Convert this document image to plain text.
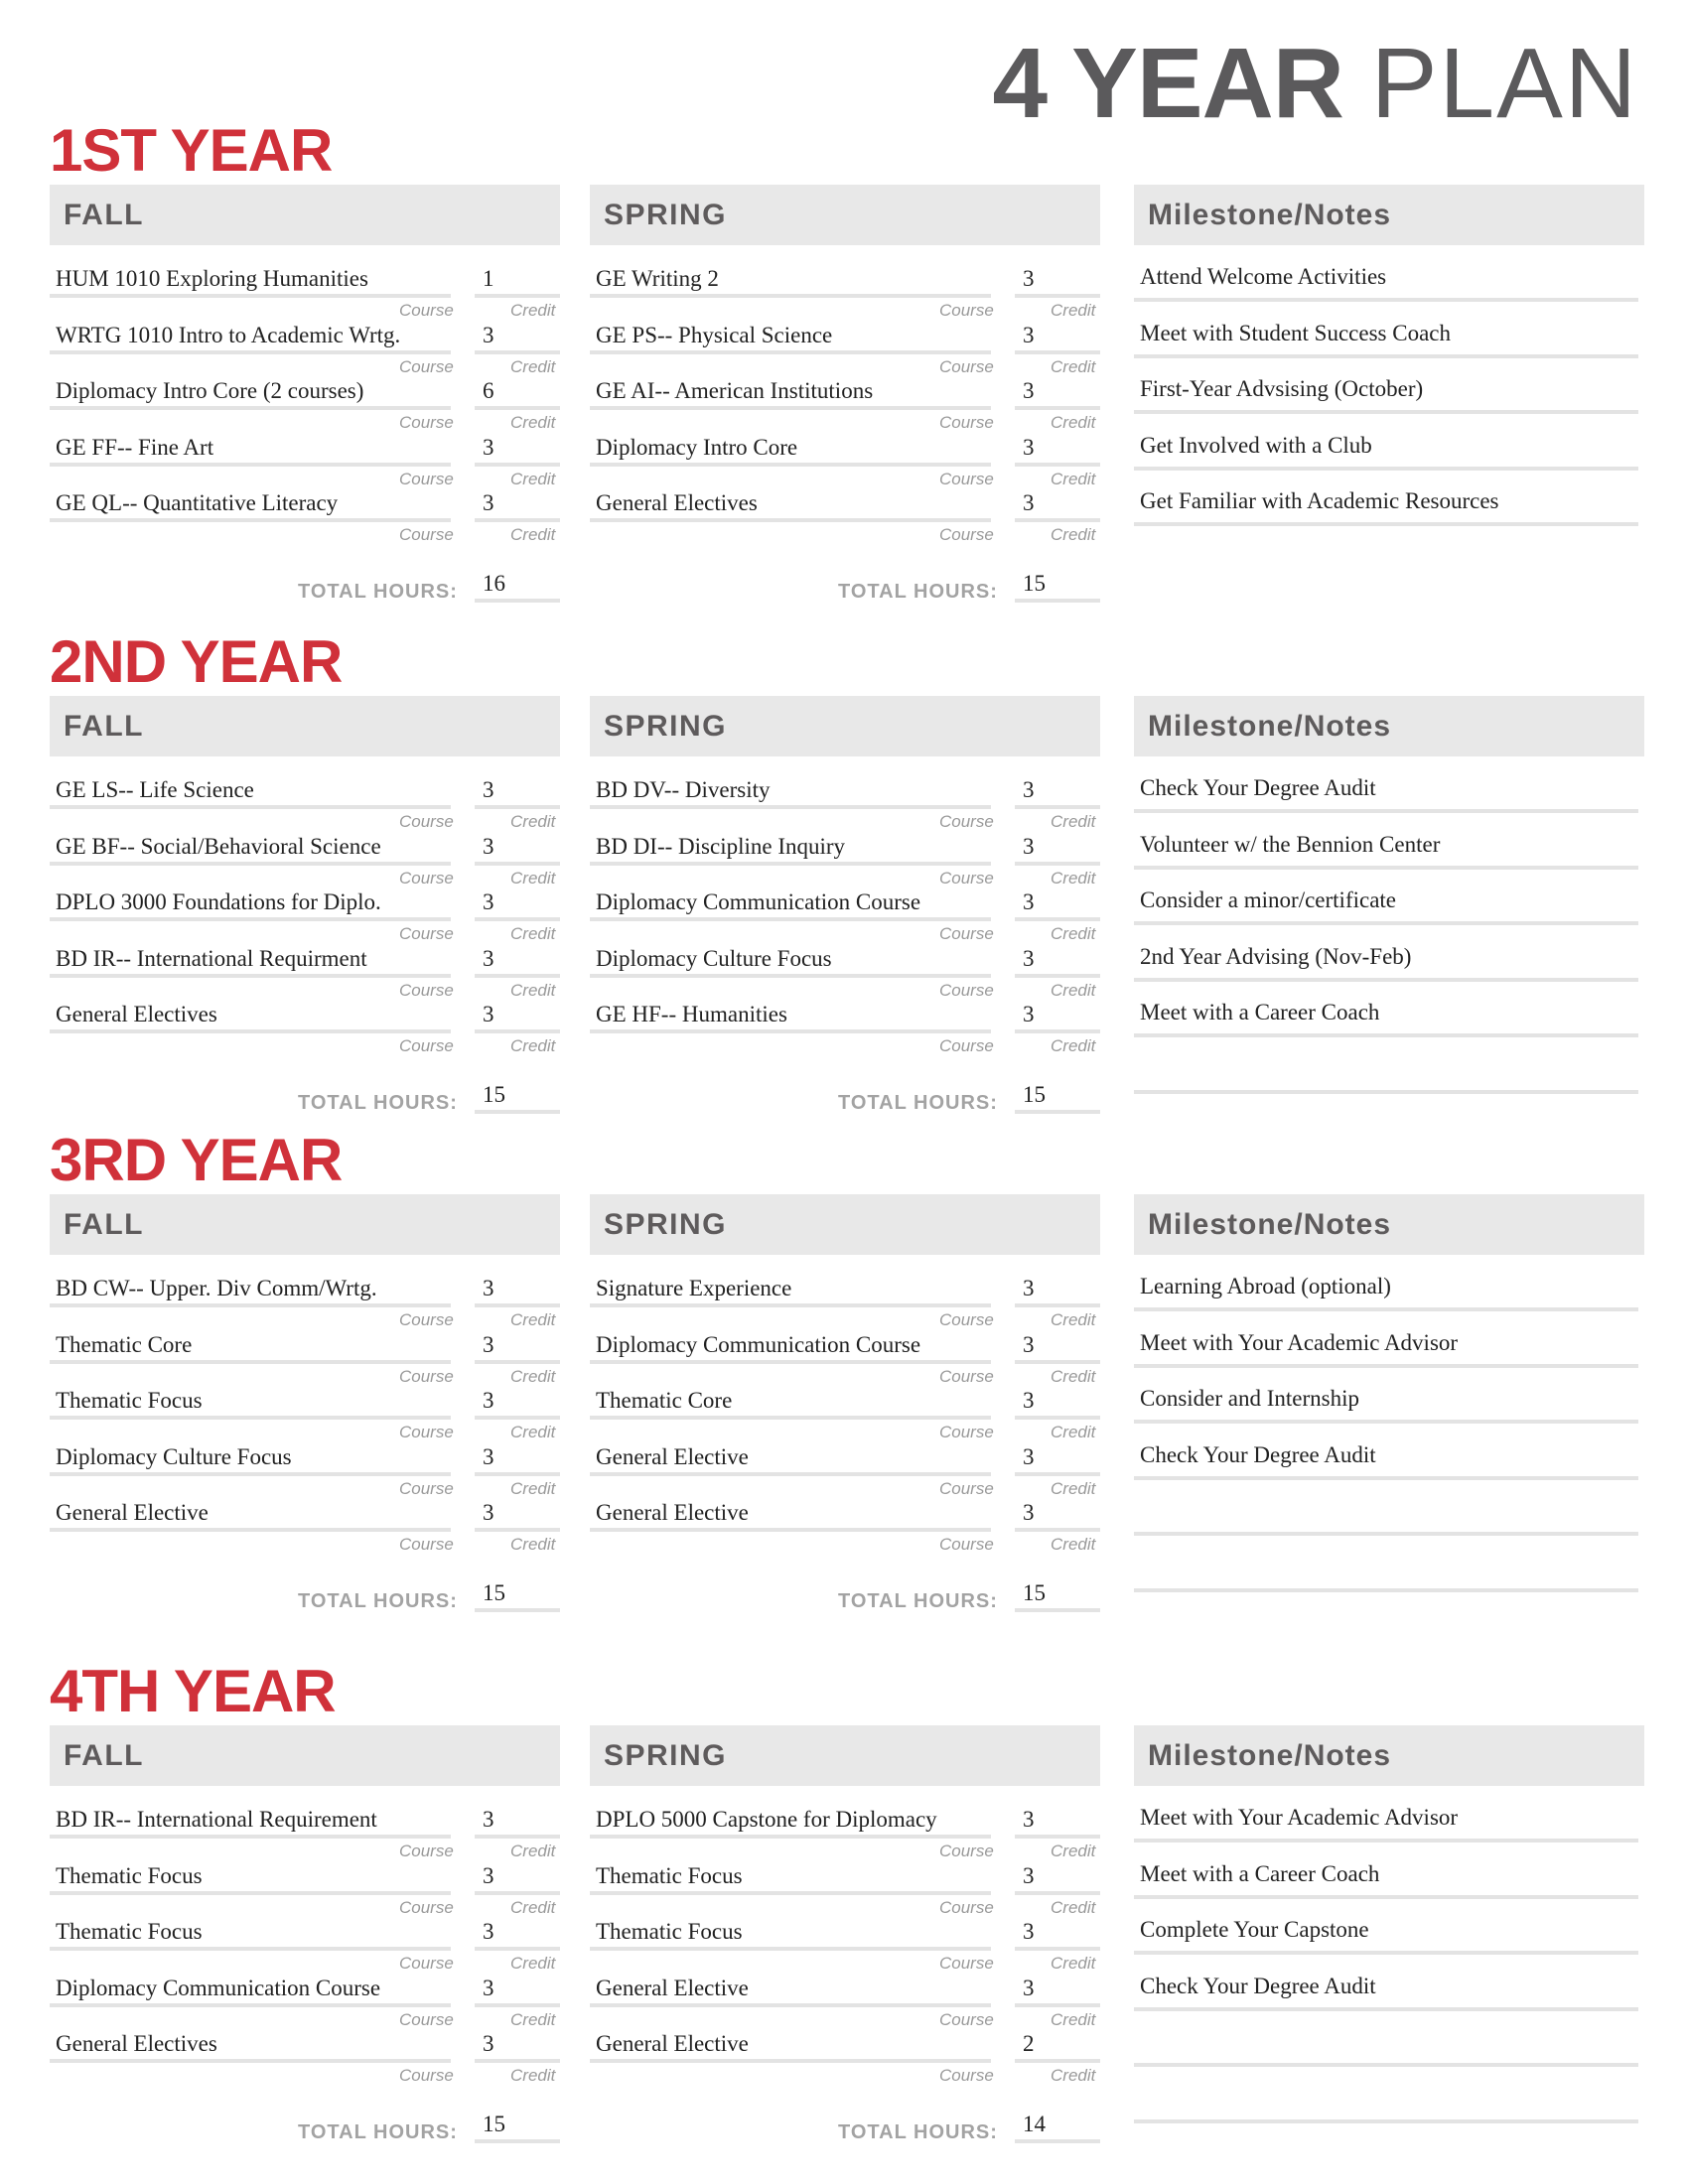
4 YEAR PLAN
1ST YEAR
FALL
HUM 1010 Exploring Humanities	1
Course	Credit
WRTG 1010 Intro to Academic Wrtg.	3
Course	Credit
Diplomacy Intro Core (2 courses)	6
Course	Credit
GE FF-- Fine Art	3
Course	Credit
GE QL-- Quantitative Literacy	3
Course	Credit
TOTAL HOURS: 16
SPRING
GE Writing 2	3
Course	Credit
GE PS-- Physical Science	3
Course	Credit
GE AI-- American Institutions	3
Course	Credit
Diplomacy Intro Core	3
Course	Credit
General Electives	3
Course	Credit
TOTAL HOURS: 15
Milestone/Notes
Attend Welcome Activities
Meet with Student Success Coach
First-Year Advsising (October)
Get Involved with a Club
Get Familiar with Academic Resources
2ND YEAR
FALL
GE LS-- Life Science	3
Course	Credit
GE BF-- Social/Behavioral Science	3
Course	Credit
DPLO 3000 Foundations for Diplo.	3
Course	Credit
BD IR-- International Requirment	3
Course	Credit
General Electives	3
Course	Credit
TOTAL HOURS: 15
SPRING
BD DV-- Diversity	3
Course	Credit
BD DI-- Discipline Inquiry	3
Course	Credit
Diplomacy Communication Course	3
Course	Credit
Diplomacy Culture Focus	3
Course	Credit
GE HF-- Humanities	3
Course	Credit
TOTAL HOURS: 15
Milestone/Notes
Check Your Degree Audit
Volunteer w/ the Bennion Center
Consider a minor/certificate
2nd Year Advising (Nov-Feb)
Meet with a Career Coach
3RD YEAR
FALL
BD CW-- Upper. Div Comm/Wrtg.	3
Course	Credit
Thematic Core	3
Course	Credit
Thematic Focus	3
Course	Credit
Diplomacy Culture Focus	3
Course	Credit
General Elective	3
Course	Credit
TOTAL HOURS: 15
SPRING
Signature Experience	3
Course	Credit
Diplomacy Communication Course	3
Course	Credit
Thematic Core	3
Course	Credit
General Elective	3
Course	Credit
General Elective	3
Course	Credit
TOTAL HOURS: 15
Milestone/Notes
Learning Abroad (optional)
Meet with Your Academic Advisor
Consider and Internship
Check Your Degree Audit
4TH YEAR
FALL
BD IR-- International Requirement	3
Course	Credit
Thematic Focus	3
Course	Credit
Thematic Focus	3
Course	Credit
Diplomacy Communication Course	3
Course	Credit
General Electives	3
Course	Credit
TOTAL HOURS: 15
SPRING
DPLO 5000 Capstone for Diplomacy	3
Course	Credit
Thematic Focus	3
Course	Credit
Thematic Focus	3
Course	Credit
General Elective	3
Course	Credit
General Elective	2
Course	Credit
TOTAL HOURS: 14
Milestone/Notes
Meet with Your Academic Advisor
Meet with a Career Coach
Complete Your Capstone
Check Your Degree Audit
